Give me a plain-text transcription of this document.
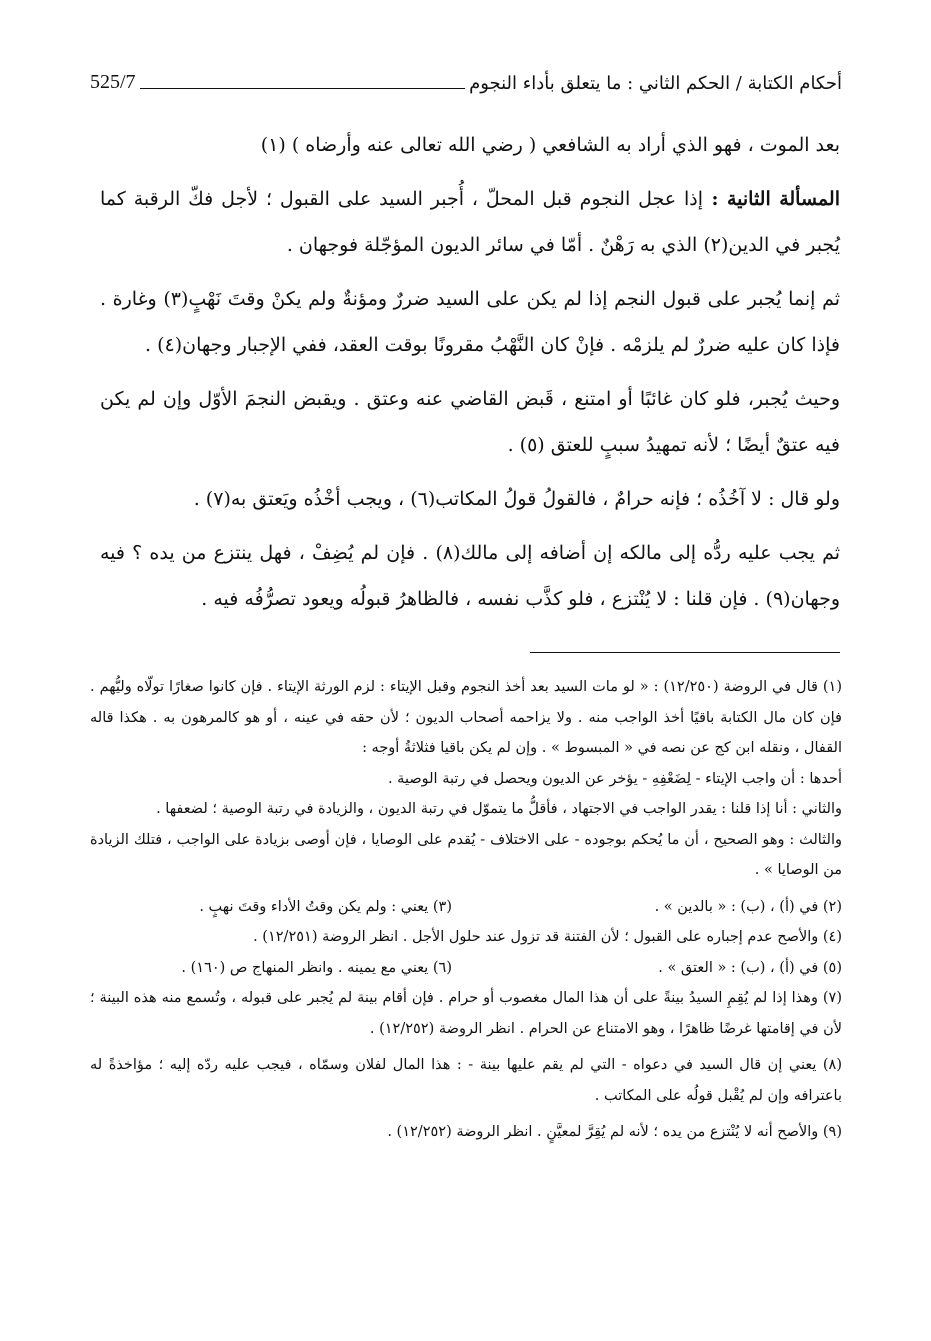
525/7	أحكام الكتابة / الحكم الثاني : ما يتعلق بأداء النجوم

بعد الموت ، فهو الذي أراد به الشافعي ( رضي الله تعالى عنه وأرضاه ) (١)

المسألة الثانية : إذا عجل النجوم قبل المحلّ ، أُجبر السيد على القبول ؛ لأجل فكّ الرقبة كما يُجبر في الدين(٢) الذي به رَهْنٌ . أمّا في سائر الديون المؤجّلة فوجهان .

ثم إنما يُجبر على قبول النجم إذا لم يكن على السيد ضررٌ ومؤنةٌ ولم يكنْ وقتَ نَهْبٍ(٣) وغارة . فإذا كان عليه ضررٌ لم يلزمْه . فإنْ كان النَّهْبُ مقرونًا بوقت العقد، ففي الإجبار وجهان(٤) .

وحيث يُجبر، فلو كان غائبًا أو امتنع ، قَبض القاضي عنه وعتق . ويقبض النجمَ الأوّل وإن لم يكن فيه عتقٌ أيضًا ؛ لأنه تمهيدُ سببٍ للعتق (٥) .

ولو قال : لا آخُذُه ؛ فإنه حرامٌ ، فالقولُ قولُ المكاتب(٦) ، ويجب أخْذُه ويَعتق به(٧) .

ثم يجب عليه ردُّه إلى مالكه إن أضافه إلى مالك(٨) . فإن لم يُضِفْ ، فهل ينتزع من يده ؟ فيه وجهان(٩) . فإن قلنا : لا يُنْتزع ، فلو كذَّب نفسه ، فالظاهرُ قبولُه ويعود تصرُّفُه فيه .

(١) قال في الروضة (١٢/٢٥٠) : « لو مات السيد بعد أخذ النجوم وقبل الإيتاء : لزم الورثة الإيتاء . فإن كانوا صغارًا تولّاه وليُّهم . فإن كان مال الكتابة باقيًا أخذ الواجب منه . ولا يزاحمه أصحاب الديون ؛ لأن حقه في عينه ، أو هو كالمرهون به . هكذا قاله القفال ، ونقله ابن كج عن نصه في « المبسوط » . وإن لم يكن باقيا فثلاثةُ أوجه :

أحدها : أن واجب الإيتاء - لِضَعْفِهِ - يؤخر عن الديون ويحصل في رتبة الوصية .

والثاني : أنا إذا قلنا : يقدر الواجب في الاجتهاد ، فأقلُّ ما يتموّل في رتبة الديون ، والزيادة في رتبة الوصية ؛ لضعفها .

والثالث : وهو الصحيح ، أن ما يُحكم بوجوده - على الاختلاف - يُقدم على الوصايا ، فإن أوصى بزيادة على الواجب ، فتلك الزيادة من الوصايا » .

(٢) في (أ) ، (ب) : « بالدين » .
(٣) يعني : ولم يكن وقتُ الأداء وقتَ نهبٍ .

(٤) والأصح عدم إجباره على القبول ؛ لأن الفتنة قد تزول عند حلول الأجل . انظر الروضة (١٢/٢٥١) .

(٥) في (أ) ، (ب) : « العتق » .
(٦) يعني مع يمينه . وانظر المنهاج ص (١٦٠) .

(٧) وهذا إذا لم يُقِمِ السيدُ بينةً على أن هذا المال مغصوب أو حرام . فإن أقام بينة لم يُجبر على قبوله ، وتُسمع منه هذه البينة ؛ لأن في إقامتها غرضًا ظاهرًا ، وهو الامتناع عن الحرام . انظر الروضة (١٢/٢٥٢) .

(٨) يعني إن قال السيد في دعواه - التي لم يقم عليها بينة - : هذا المال لفلان وسمّاه ، فيجب عليه ردّه إليه ؛ مؤاخذةً له باعترافه وإن لم يُقْبل قولُه على المكاتب .

(٩) والأصح أنه لا يُنْتزع من يده ؛ لأنه لم يُقِرَّ لمعيَّنٍ . انظر الروضة (١٢/٢٥٢) .
